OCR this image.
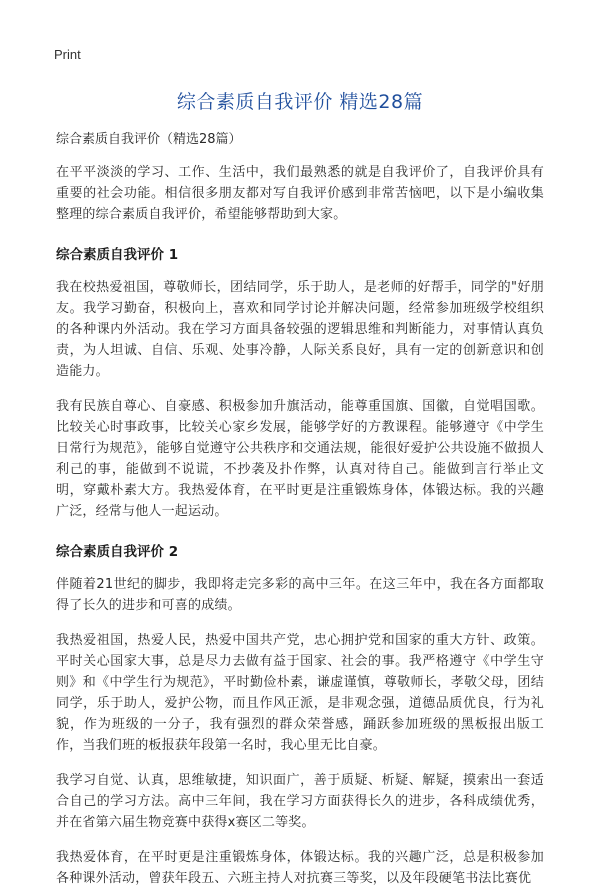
Print
综合素质自我评价 精选28篇

综合素质自我评价（精选28篇）

在平平淡淡的学习、工作、生活中，我们最熟悉的就是自我评价了，自我评价具有重要的社会功能。相信很多朋友都对写自我评价感到非常苦恼吧，以下是小编收集整理的综合素质自我评价，希望能够帮助到大家。

综合素质自我评价 1

我在校热爱祖国，尊敬师长，团结同学，乐于助人，是老师的好帮手，同学的"好朋友。我学习勤奋，积极向上，喜欢和同学讨论并解决问题，经常参加班级学校组织的各种课内外活动。我在学习方面具备较强的逻辑思维和判断能力，对事情认真负责，为人坦诚、自信、乐观、处事冷静，人际关系良好，具有一定的创新意识和创造能力。

我有民族自尊心、自豪感、积极参加升旗活动，能尊重国旗、国徽，自觉唱国歌。比较关心时事政事，比较关心家乡发展，能够学好的方教课程。能够遵守《中学生日常行为规范》，能够自觉遵守公共秩序和交通法规，能很好爱护公共设施不做损人利己的事，能做到不说谎，不抄袭及扑作弊，认真对待自己。能做到言行举止文明，穿戴朴素大方。我热爱体育，在平时更是注重锻炼身体，体锻达标。我的兴趣广泛，经常与他人一起运动。

综合素质自我评价 2

伴随着21世纪的脚步，我即将走完多彩的高中三年。在这三年中，我在各方面都取得了长久的进步和可喜的成绩。

我热爱祖国，热爱人民，热爱中国共产党，忠心拥护党和国家的重大方针、政策。平时关心国家大事，总是尽力去做有益于国家、社会的事。我严格遵守《中学生守则》和《中学生行为规范》，平时勤俭朴素，谦虚谨慎，尊敬师长，孝敬父母，团结同学，乐于助人，爱护公物，而且作风正派，是非观念强，道德品质优良，行为礼貌，作为班级的一分子，我有强烈的群众荣誉感，踊跃参加班级的黑板报出版工作，当我们班的板报获年段第一名时，我心里无比自豪。

我学习自觉、认真，思维敏捷，知识面广，善于质疑、析疑、解疑，摸索出一套适合自己的学习方法。高中三年间，我在学习方面获得长久的进步，各科成绩优秀，并在省第六届生物竞赛中获得x赛区二等奖。

我热爱体育，在平时更是注重锻炼身体，体锻达标。我的兴趣广泛，总是积极参加各种课外活动，曾获年段五、六班主持人对抗赛三等奖，以及年段硬笔书法比赛优
